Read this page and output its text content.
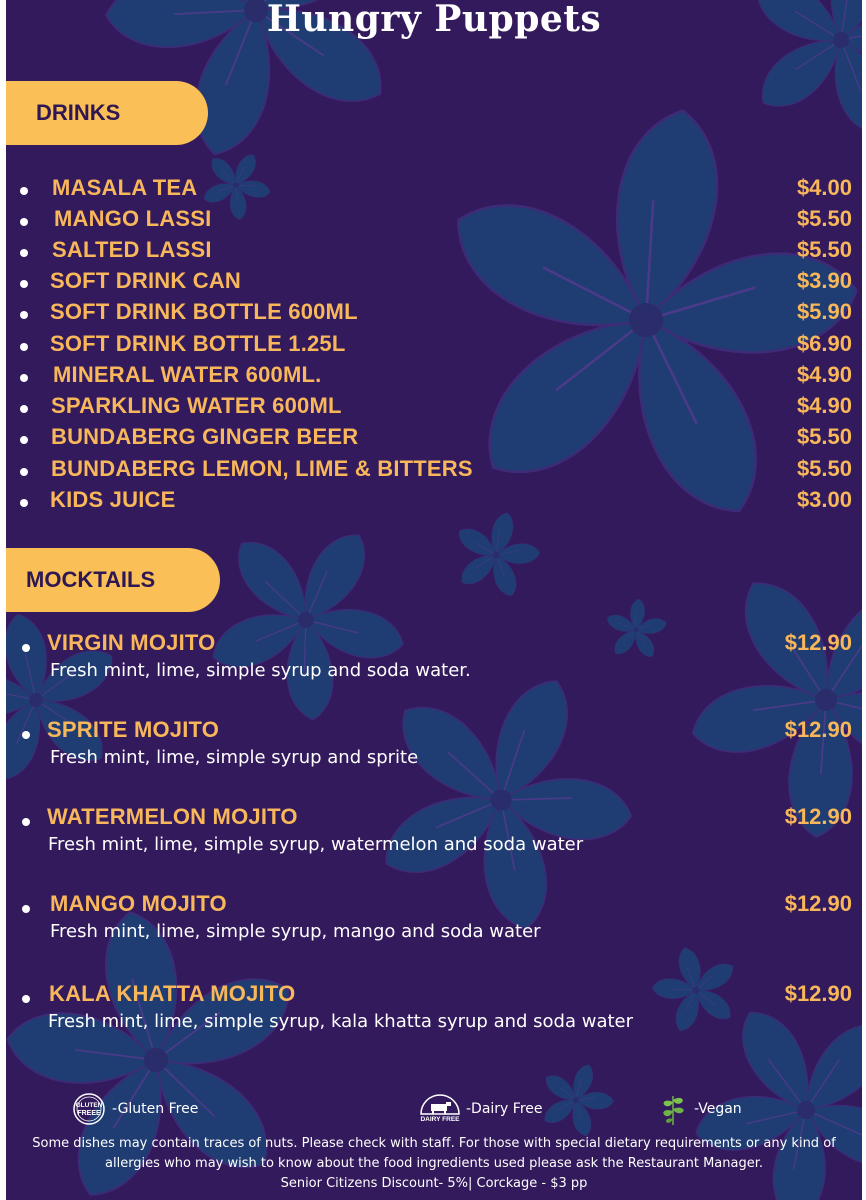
Hungry Puppets
DRINKS
MASALA TEA	$4.00
MANGO LASSI	$5.50
SALTED LASSI	$5.50
SOFT DRINK CAN	$3.90
SOFT DRINK BOTTLE 600ML	$5.90
SOFT DRINK BOTTLE 1.25L	$6.90
MINERAL WATER 600ML.	$4.90
SPARKLING WATER 600ML	$4.90
BUNDABERG GINGER BEER	$5.50
BUNDABERG LEMON, LIME & BITTERS	$5.50
KIDS JUICE	$3.00
MOCKTAILS
VIRGIN MOJITO	$12.90
Fresh mint, lime, simple syrup and soda water.
SPRITE MOJITO	$12.90
Fresh mint, lime, simple syrup and sprite
WATERMELON MOJITO	$12.90
Fresh mint, lime, simple syrup, watermelon and soda water
MANGO MOJITO	$12.90
Fresh mint, lime, simple syrup, mango and soda water
KALA KHATTA MOJITO	$12.90
Fresh mint, lime, simple syrup, kala khatta syrup and soda water
GLUTEN
FREEE -Gluten Free
DAIRY FREE
-Dairy Free	-Vegan
Some dishes may contain traces of nuts. Please check with staff. For those with special dietary requirements or any kind of
allergies who may wish to know about the food ingredients used please ask the Restaurant Manager.
Senior Citizens Discount- 5%| Corckage - $3 pp
